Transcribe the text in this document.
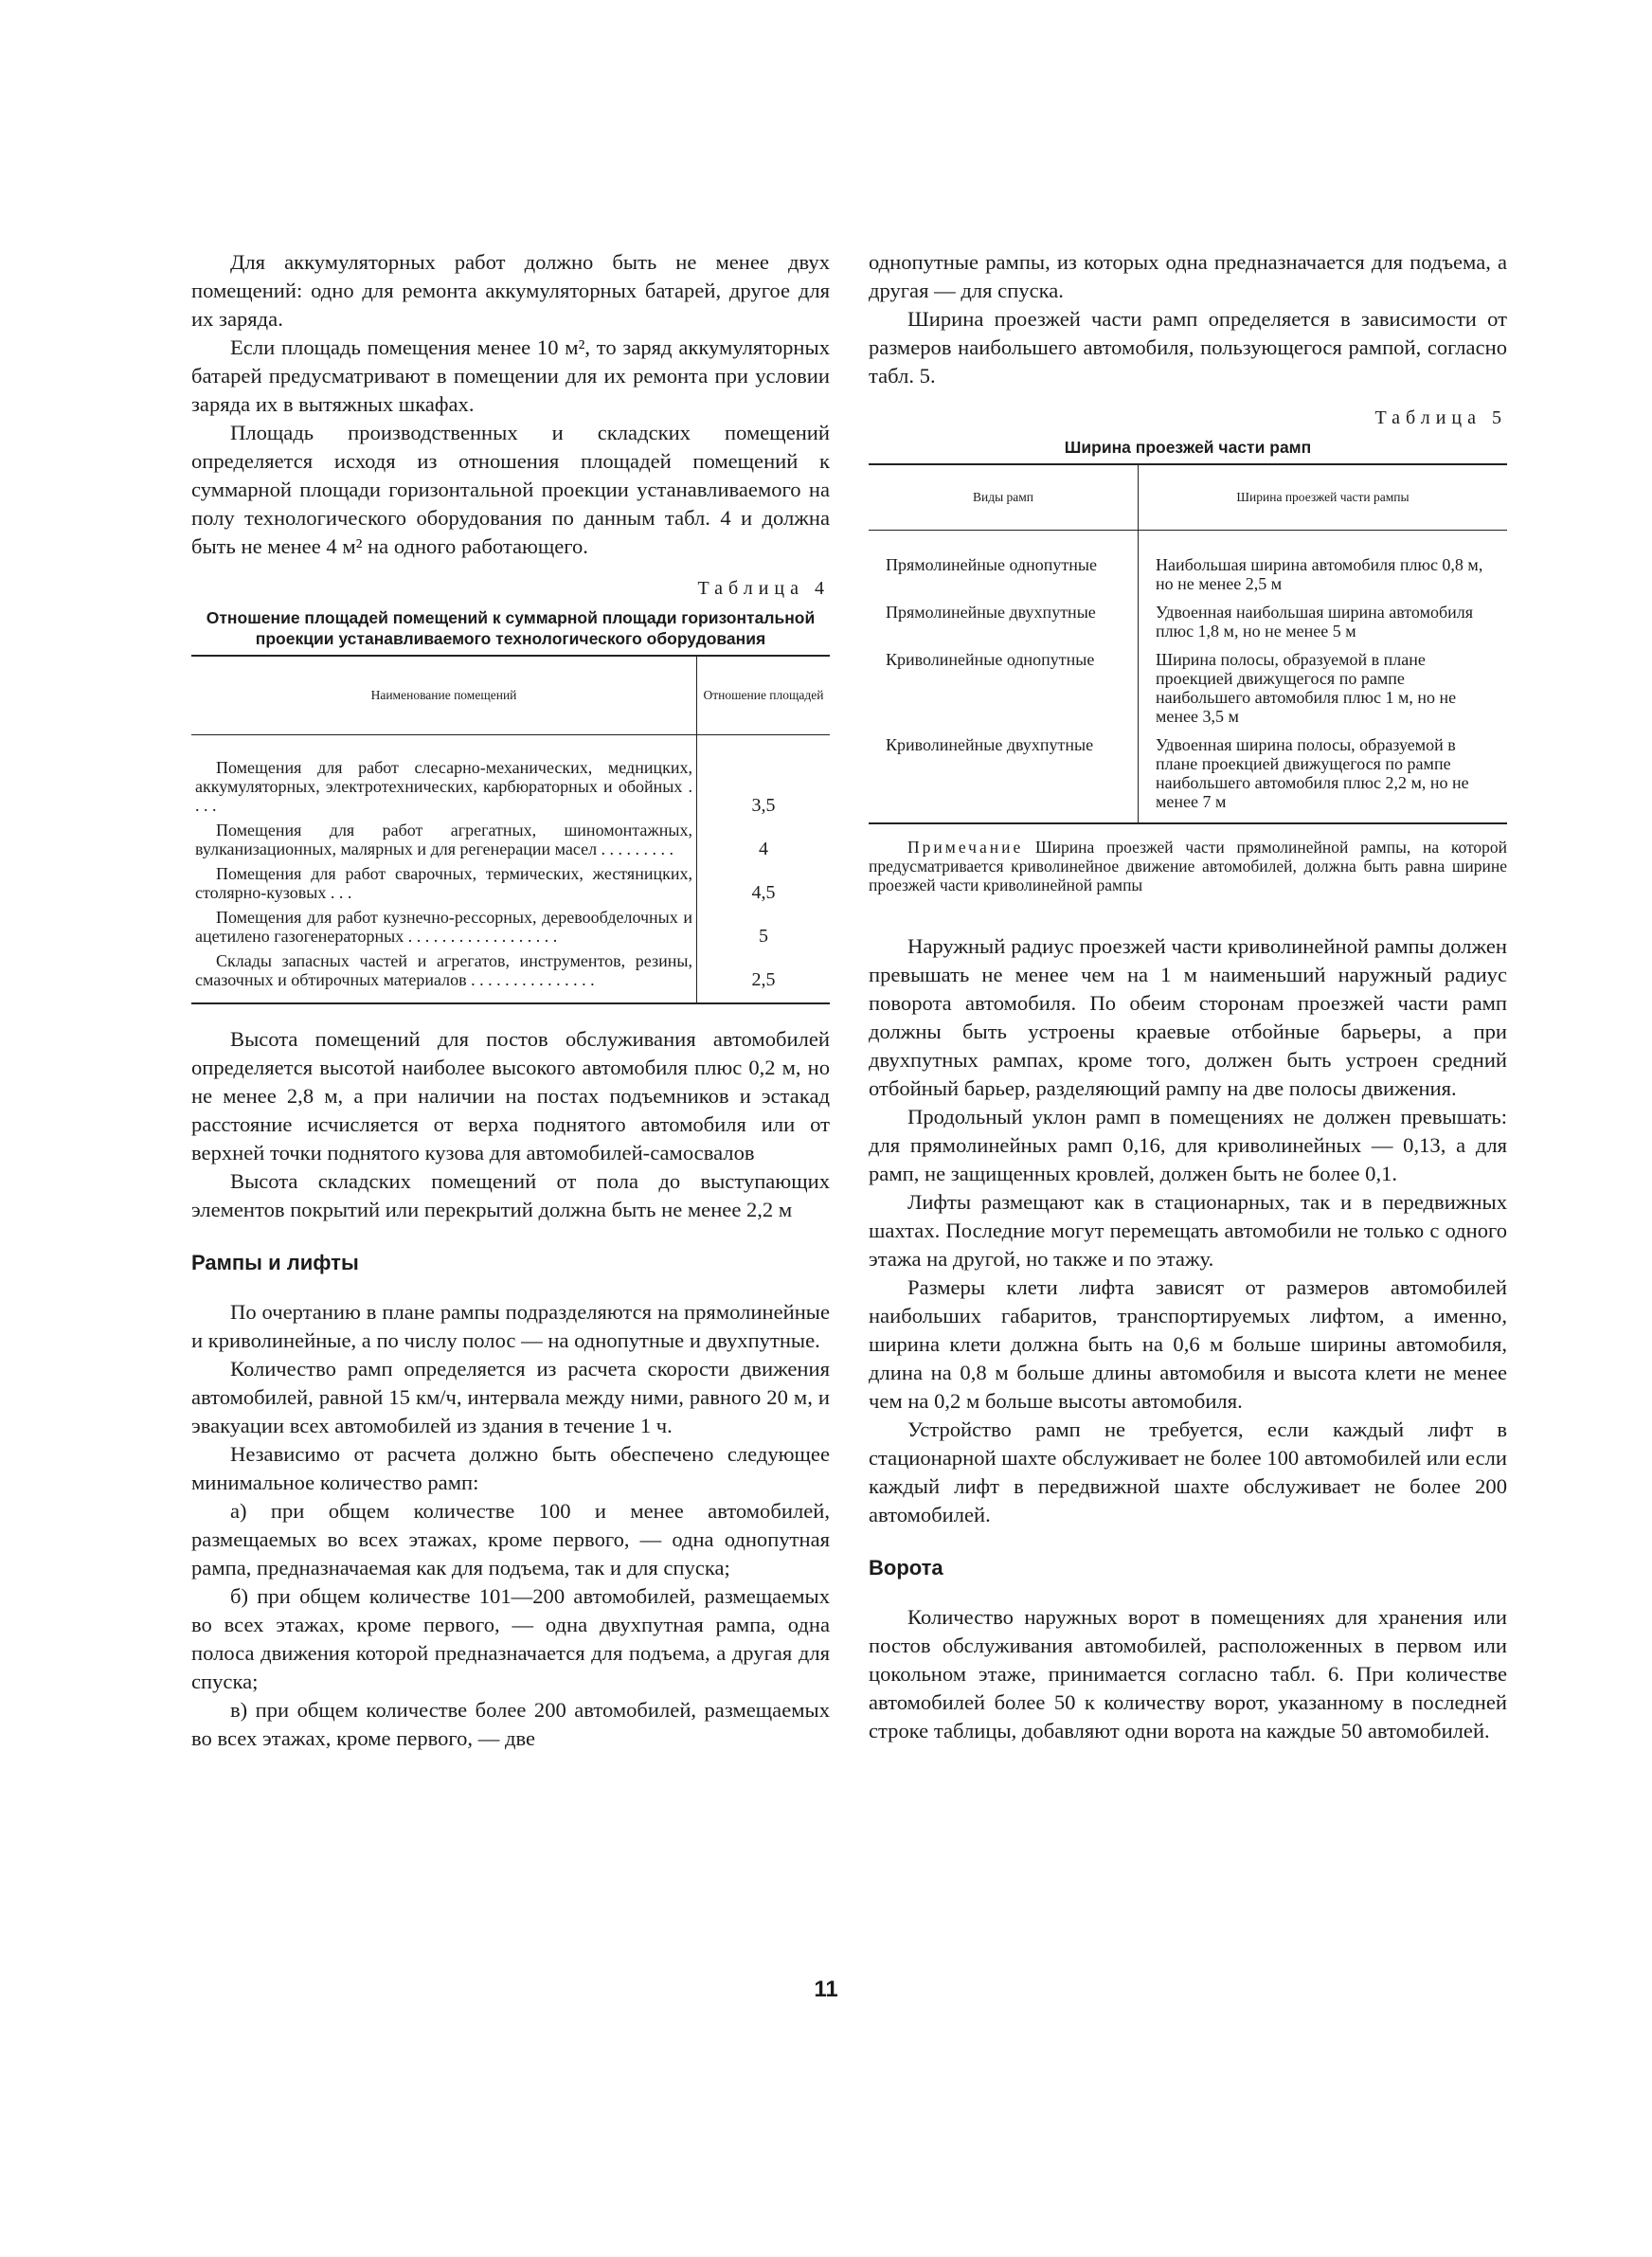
Для аккумуляторных работ должно быть не менее двух помещений: одно для ремонта аккумуляторных батарей, другое для их заряда.

Если площадь помещения менее 10 м², то заряд аккумуляторных батарей предусматривают в помещении для их ремонта при условии заряда их в вытяжных шкафах.

Площадь производственных и складских помещений определяется исходя из отношения площадей помещений к суммарной площади горизонтальной проекции устанавливаемого на полу технологического оборудования по данным табл. 4 и должна быть не менее 4 м² на одного работающего.

Таблица 4
Отношение площадей помещений к суммарной площади горизонтальной проекции устанавливаемого технологического оборудования
Наименование помещений	Отношение площадей
Помещения для работ слесарно-механических, медницких, аккумуляторных, электротехнических, карбюраторных и обойных . . . .	3,5
Помещения для работ агрегатных, шиномонтажных, вулканизационных, малярных и для регенерации масел . . . . . . . . .	4
Помещения для работ сварочных, термических, жестяницких, столярно-кузовых . . .	4,5
Помещения для работ кузнечно-рессорных, деревообделочных и ацетилено газогенераторных . . . . . . . . . . . . . . . . . .	5
Склады запасных частей и агрегатов, инструментов, резины, смазочных и обтирочных материалов . . . . . . . . . . . . . . .	2,5

Высота помещений для постов обслуживания автомобилей определяется высотой наиболее высокого автомобиля плюс 0,2 м, но не менее 2,8 м, а при наличии на постах подъемников и эстакад расстояние исчисляется от верха поднятого автомобиля или от верхней точки поднятого кузова для автомобилей-самосвалов

Высота складских помещений от пола до выступающих элементов покрытий или перекрытий должна быть не менее 2,2 м

Рампы и лифты

По очертанию в плане рампы подразделяются на прямолинейные и криволинейные, а по числу полос — на однопутные и двухпутные.

Количество рамп определяется из расчета скорости движения автомобилей, равной 15 км/ч, интервала между ними, равного 20 м, и эвакуации всех автомобилей из здания в течение 1 ч.

Независимо от расчета должно быть обеспечено следующее минимальное количество рамп:

а) при общем количестве 100 и менее автомобилей, размещаемых во всех этажах, кроме первого, — одна однопутная рампа, предназначаемая как для подъема, так и для спуска;

б) при общем количестве 101—200 автомобилей, размещаемых во всех этажах, кроме первого, — одна двухпутная рампа, одна полоса движения которой предназначается для подъема, а другая для спуска;

в) при общем количестве более 200 автомобилей, размещаемых во всех этажах, кроме первого, — две

однопутные рампы, из которых одна предназначается для подъема, а другая — для спуска.

Ширина проезжей части рамп определяется в зависимости от размеров наибольшего автомобиля, пользующегося рампой, согласно табл. 5.

Таблица 5
Ширина проезжей части рамп
Виды рамп	Ширина проезжей части рампы
Прямолинейные однопутные	Наибольшая ширина автомобиля плюс 0,8 м, но не менее 2,5 м
Прямолинейные двухпутные	Удвоенная наибольшая ширина автомобиля плюс 1,8 м, но не менее 5 м
Криволинейные однопутные	Ширина полосы, образуемой в плане проекцией движущегося по рампе наибольшего автомобиля плюс 1 м, но не менее 3,5 м
Криволинейные двухпутные	Удвоенная ширина полосы, образуемой в плане проекцией движущегося по рампе наибольшего автомобиля плюс 2,2 м, но не менее 7 м
Примечание Ширина проезжей части прямолинейной рампы, на которой предусматривается криволинейное движение автомобилей, должна быть равна ширине проезжей части криволинейной рампы

Наружный радиус проезжей части криволинейной рампы должен превышать не менее чем на 1 м наименьший наружный радиус поворота автомобиля. По обеим сторонам проезжей части рамп должны быть устроены краевые отбойные барьеры, а при двухпутных рампах, кроме того, должен быть устроен средний отбойный барьер, разделяющий рампу на две полосы движения.

Продольный уклон рамп в помещениях не должен превышать: для прямолинейных рамп 0,16, для криволинейных — 0,13, а для рамп, не защищенных кровлей, должен быть не более 0,1.

Лифты размещают как в стационарных, так и в передвижных шахтах. Последние могут перемещать автомобили не только с одного этажа на другой, но также и по этажу.

Размеры клети лифта зависят от размеров автомобилей наибольших габаритов, транспортируемых лифтом, а именно, ширина клети должна быть на 0,6 м больше ширины автомобиля, длина на 0,8 м больше длины автомобиля и высота клети не менее чем на 0,2 м больше высоты автомобиля.

Устройство рамп не требуется, если каждый лифт в стационарной шахте обслуживает не более 100 автомобилей или если каждый лифт в передвижной шахте обслуживает не более 200 автомобилей.

Ворота

Количество наружных ворот в помещениях для хранения или постов обслуживания автомобилей, расположенных в первом или цокольном этаже, принимается согласно табл. 6. При количестве автомобилей более 50 к количеству ворот, указанному в последней строке таблицы, добавляют одни ворота на каждые 50 автомобилей.

11
